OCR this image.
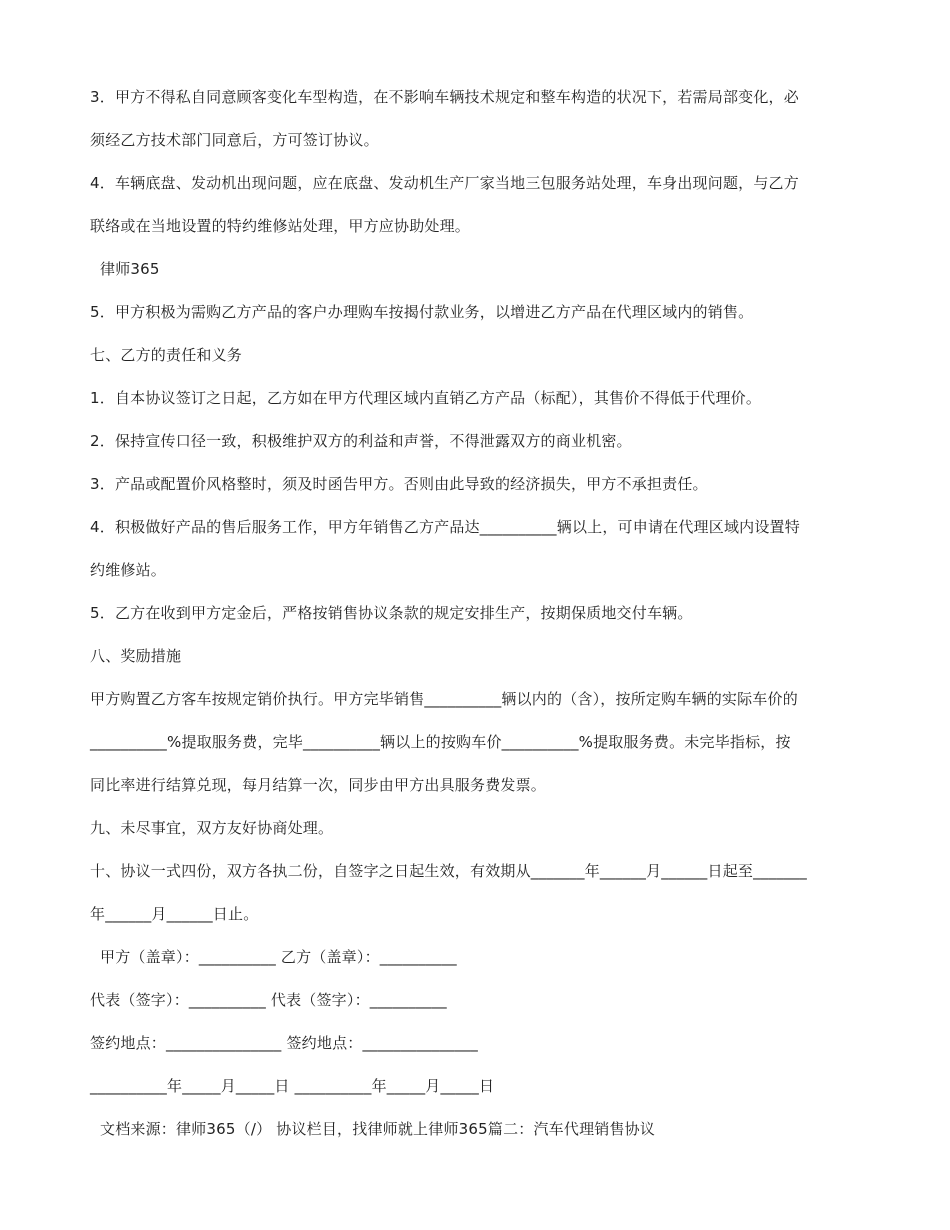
3．甲方不得私自同意顾客变化车型构造，在不影响车辆技术规定和整车构造的状况下，若需局部变化，必
须经乙方技术部门同意后，方可签订协议。
4．车辆底盘、发动机出现问题，应在底盘、发动机生产厂家当地三包服务站处理，车身出现问题，与乙方
联络或在当地设置的特约维修站处理，甲方应协助处理。
律师365
5．甲方积极为需购乙方产品的客户办理购车按揭付款业务，以增进乙方产品在代理区域内的销售。
七、乙方的责任和义务
1．自本协议签订之日起，乙方如在甲方代理区域内直销乙方产品（标配），其售价不得低于代理价。
2．保持宣传口径一致，积极维护双方的利益和声誉，不得泄露双方的商业机密。
3．产品或配置价风格整时，须及时函告甲方。否则由此导致的经济损失，甲方不承担责任。
4．积极做好产品的售后服务工作，甲方年销售乙方产品达__________辆以上，可申请在代理区域内设置特
约维修站。
5．乙方在收到甲方定金后，严格按销售协议条款的规定安排生产，按期保质地交付车辆。
八、奖励措施
甲方购置乙方客车按规定销价执行。甲方完毕销售__________辆以内的（含），按所定购车辆的实际车价的
__________%提取服务费，完毕__________辆以上的按购车价__________%提取服务费。未完毕指标，按
同比率进行结算兑现，每月结算一次，同步由甲方出具服务费发票。
九、未尽事宜，双方友好协商处理。
十、协议一式四份，双方各执二份，自签字之日起生效，有效期从_______年______月______日起至_______
年______月______日止。
甲方（盖章）：__________ 乙方（盖章）：__________
代表（签字）：__________ 代表（签字）：__________
签约地点：_______________ 签约地点：_______________
__________年_____月_____日 __________年_____月_____日
文档来源：律师365（/） 协议栏目，找律师就上律师365篇二：汽车代理销售协议
